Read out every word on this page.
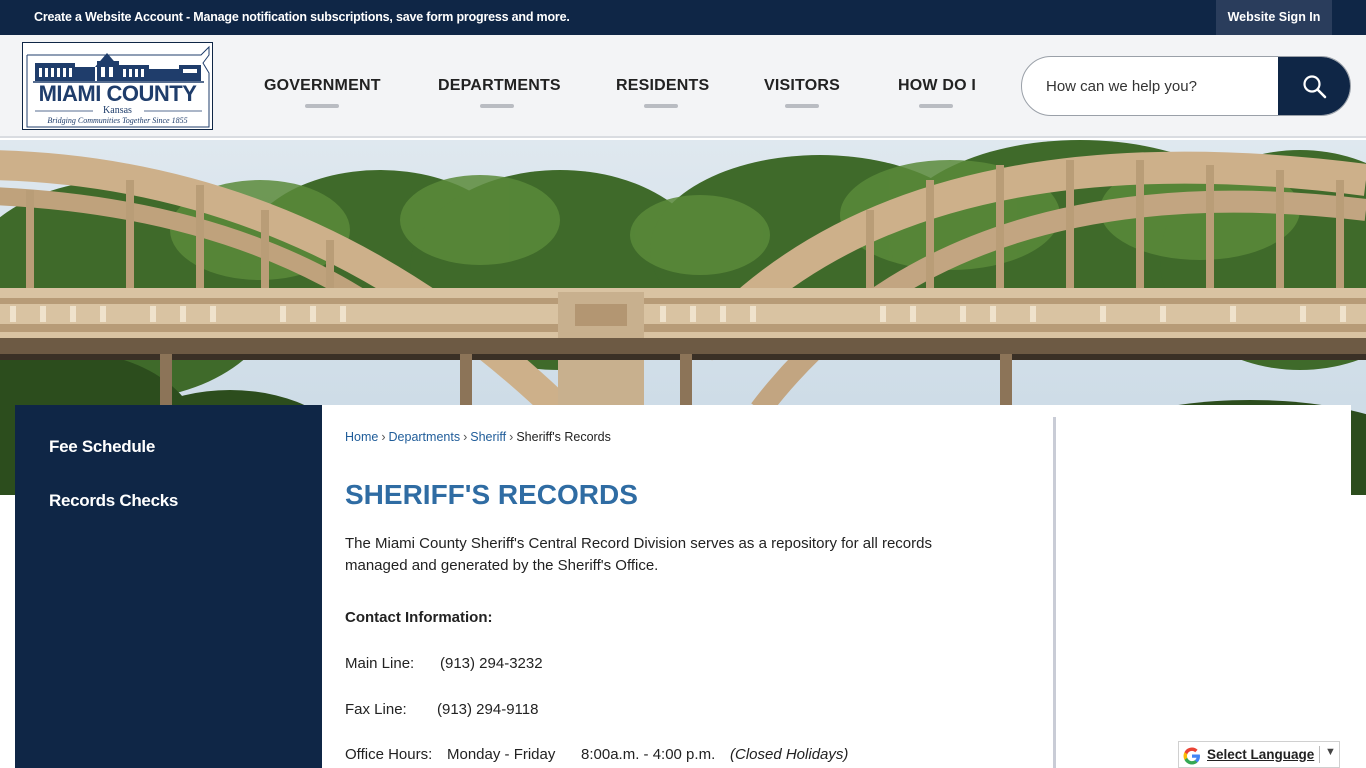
Create a Website Account - Manage notification subscriptions, save form progress and more.	Website Sign In
MIAMI COUNTY
Kansas
Bridging Communities Together Since 1855
GOVERNMENT	DEPARTMENTS	RESIDENTS	VISITORS	HOW DO I
How can we help you?
Fee Schedule
Records Checks
Home › Departments › Sheriff › Sheriff's Records
SHERIFF'S RECORDS

The Miami County Sheriff's Central Record Division serves as a repository for all records managed and generated by the Sheriff's Office.

Contact Information:
Main Line: (913) 294-3232
Fax Line: (913) 294-9118
Office Hours: Monday - Friday 8:00a.m. - 4:00 p.m. (Closed Holidays)	Select Language ▼
